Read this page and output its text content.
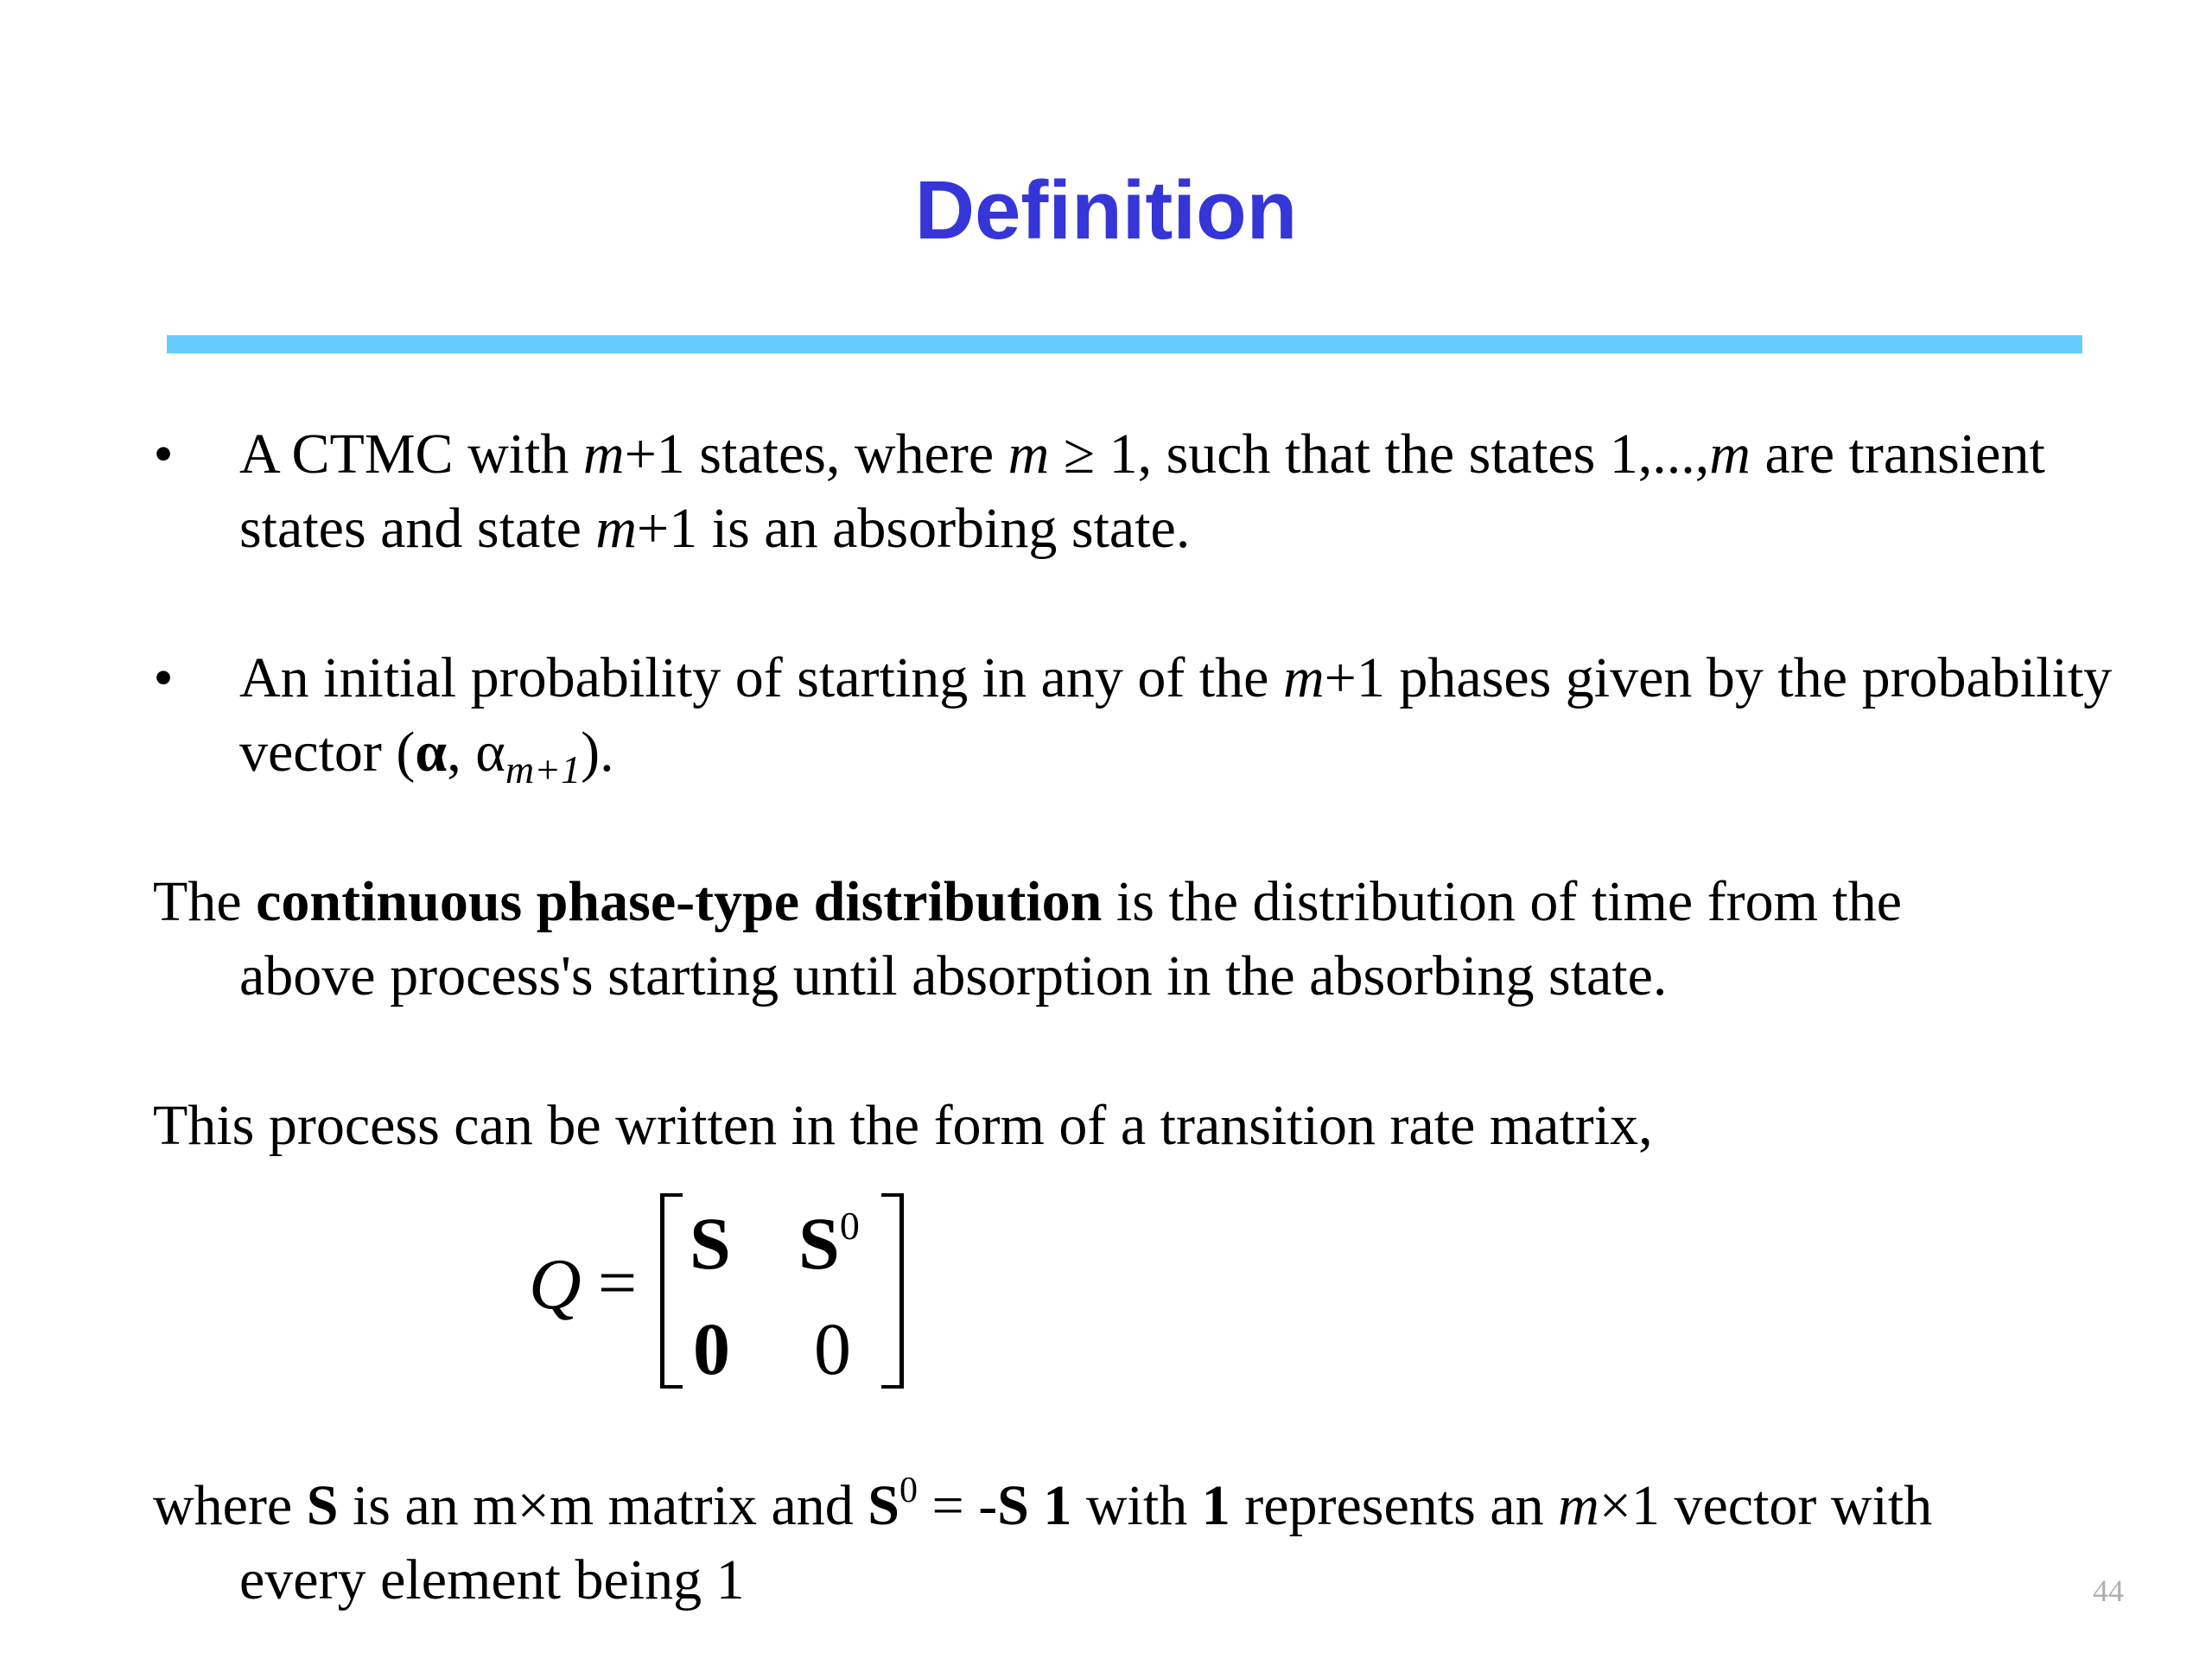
Definition
• A CTMC with m+1 states, where m ≥ 1, such that the states 1,...,m are transient states and state m+1 is an absorbing state.
• An initial probability of starting in any of the m+1 phases given by the probability vector (α, $\alpha_{m+1}$).
The continuous phase-type distribution is the distribution of time from the
above process's starting until absorption in the absorbing state.
This process can be written in the form of a transition rate matrix,
Q = S $S^0$
0 0
where S is an m×m matrix and $S^0 = -S$ 1 with 1 represents an m×1 vector with
every element being 1	44
